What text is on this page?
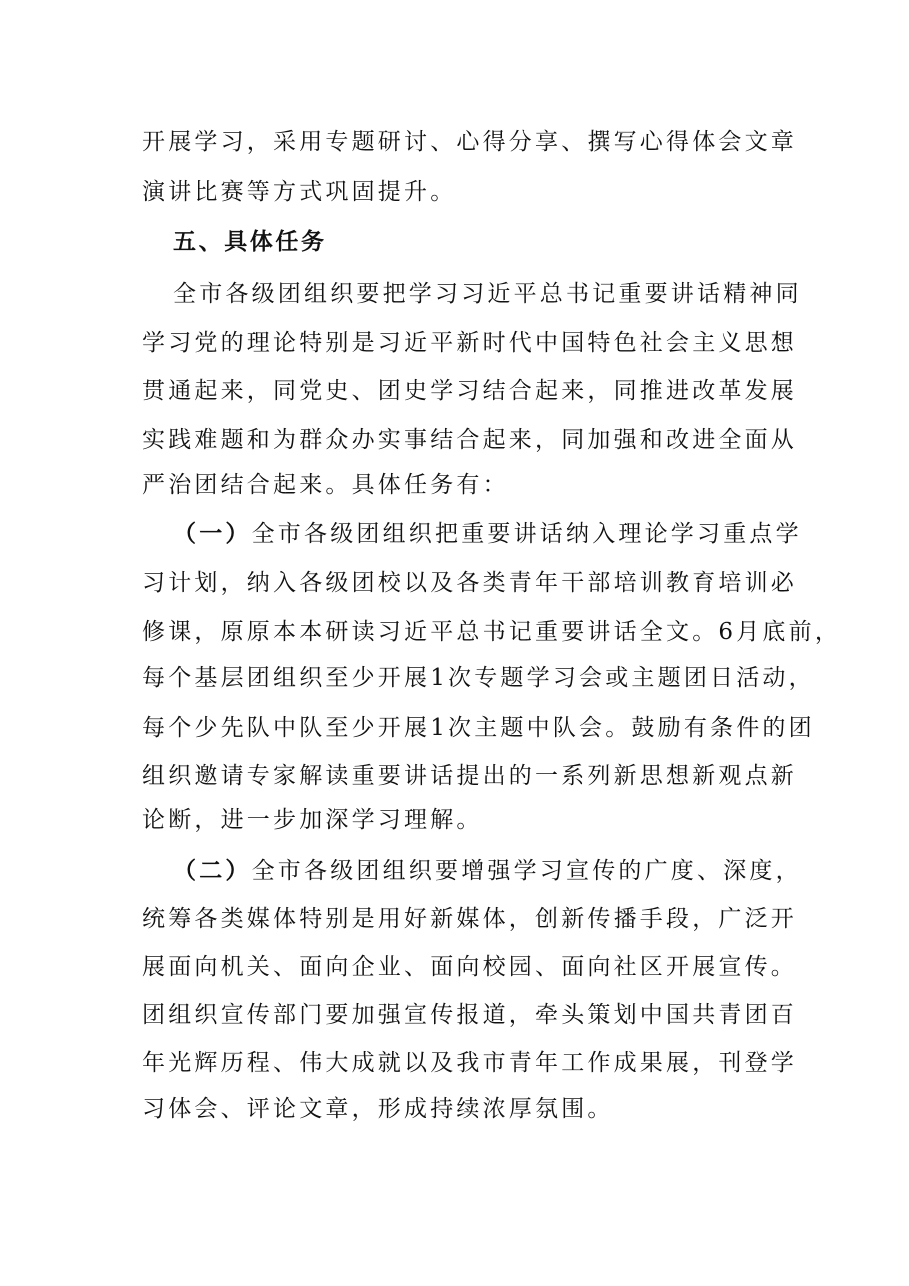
开展学习，采用专题研讨、心得分享、撰写心得体会文章
演讲比赛等方式巩固提升。
五、具体任务
全市各级团组织要把学习习近平总书记重要讲话精神同
学习党的理论特别是习近平新时代中国特色社会主义思想
贯通起来，同党史、团史学习结合起来，同推进改革发展
实践难题和为群众办实事结合起来，同加强和改进全面从
严治团结合起来。具体任务有：
（一）全市各级团组织把重要讲话纳入理论学习重点学
习计划，纳入各级团校以及各类青年干部培训教育培训必
修课，原原本本研读习近平总书记重要讲话全文。6月底前，
每个基层团组织至少开展1次专题学习会或主题团日活动，
每个少先队中队至少开展1次主题中队会。鼓励有条件的团
组织邀请专家解读重要讲话提出的一系列新思想新观点新
论断，进一步加深学习理解。
（二）全市各级团组织要增强学习宣传的广度、深度，
统筹各类媒体特别是用好新媒体，创新传播手段，广泛开
展面向机关、面向企业、面向校园、面向社区开展宣传。
团组织宣传部门要加强宣传报道，牵头策划中国共青团百
年光辉历程、伟大成就以及我市青年工作成果展，刊登学
习体会、评论文章，形成持续浓厚氛围。
